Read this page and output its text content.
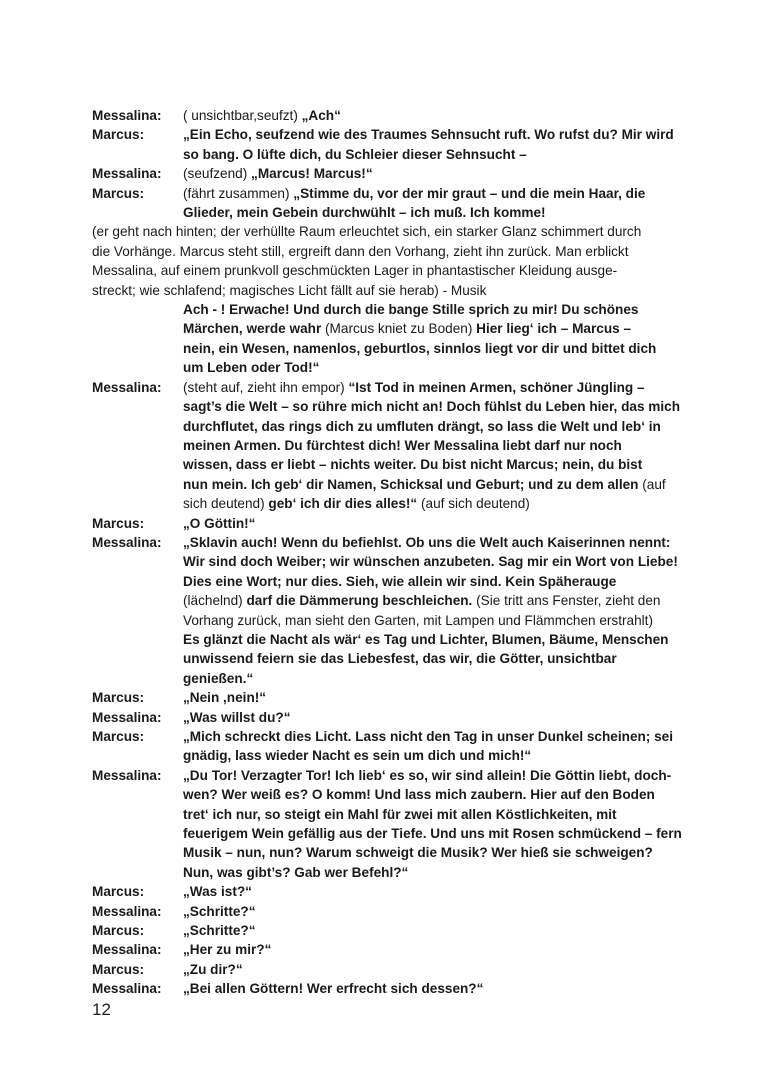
Messalina: ( unsichtbar,seufzt) „Ach“
Marcus:	„Ein Echo, seufzend wie des Traumes Sehnsucht ruft. Wo rufst du? Mir wird
so bang. O lüfte dich, du Schleier dieser Sehnsucht –
Messalina: (seufzend) „Marcus! Marcus!“
Marcus:	(fährt zusammen) „Stimme du, vor der mir graut – und die mein Haar, die
Glieder, mein Gebein durchwühlt – ich muß. Ich komme!
(er geht nach hinten; der verhüllte Raum erleuchtet sich, ein starker Glanz schimmert durch
die Vorhänge. Marcus steht still, ergreift dann den Vorhang, zieht ihn zurück. Man erblickt
Messalina, auf einem prunkvoll geschmückten Lager in phantastischer Kleidung ausge-
streckt; wie schlafend; magisches Licht fällt auf sie herab) - Musik
Ach - ! Erwache! Und durch die bange Stille sprich zu mir! Du schönes
Märchen, werde wahr (Marcus kniet zu Boden) Hier lieg‘ ich – Marcus –
nein, ein Wesen, namenlos, geburtlos, sinnlos liegt vor dir und bittet dich
um Leben oder Tod!“
Messalina: (steht auf, zieht ihn empor) “Ist Tod in meinen Armen, schöner Jüngling –
sagt’s die Welt – so rühre mich nicht an! Doch fühlst du Leben hier, das mich
durchflutet, das rings dich zu umfluten drängt, so lass die Welt und leb‘ in
meinen Armen. Du fürchtest dich! Wer Messalina liebt darf nur noch
wissen, dass er liebt – nichts weiter. Du bist nicht Marcus; nein, du bist
nun mein. Ich geb‘ dir Namen, Schicksal und Geburt; und zu dem allen (auf
sich deutend) geb‘ ich dir dies alles!“ (auf sich deutend)
Marcus:	„O Göttin!“
Messalina: „Sklavin auch! Wenn du befiehlst. Ob uns die Welt auch Kaiserinnen nennt:
Wir sind doch Weiber; wir wünschen anzubeten. Sag mir ein Wort von Liebe!
Dies eine Wort; nur dies. Sieh, wie allein wir sind. Kein Späherauge
(lächelnd) darf die Dämmerung beschleichen. (Sie tritt ans Fenster, zieht den
Vorhang zurück, man sieht den Garten, mit Lampen und Flämmchen erstrahlt)
Es glänzt die Nacht als wär‘ es Tag und Lichter, Blumen, Bäume, Menschen
unwissend feiern sie das Liebesfest, das wir, die Götter, unsichtbar
genießen.“
Marcus:	„Nein ,nein!“
Messalina: „Was willst du?“
Marcus:	„Mich schreckt dies Licht. Lass nicht den Tag in unser Dunkel scheinen; sei
gnädig, lass wieder Nacht es sein um dich und mich!“
Messalina: „Du Tor! Verzagter Tor! Ich lieb‘ es so, wir sind allein! Die Göttin liebt, doch-
wen? Wer weiß es? O komm! Und lass mich zaubern. Hier auf den Boden
tret‘ ich nur, so steigt ein Mahl für zwei mit allen Köstlichkeiten, mit
feuerigem Wein gefällig aus der Tiefe. Und uns mit Rosen schmückend – fern
Musik – nun, nun? Warum schweigt die Musik? Wer hieß sie schweigen?
Nun, was gibt’s? Gab wer Befehl?“
Marcus:	„Was ist?“
Messalina: „Schritte?“
Marcus:	„Schritte?“
Messalina: „Her zu mir?“
Marcus:	„Zu dir?“
Messalina: „Bei allen Göttern! Wer erfrecht sich dessen?“
12
